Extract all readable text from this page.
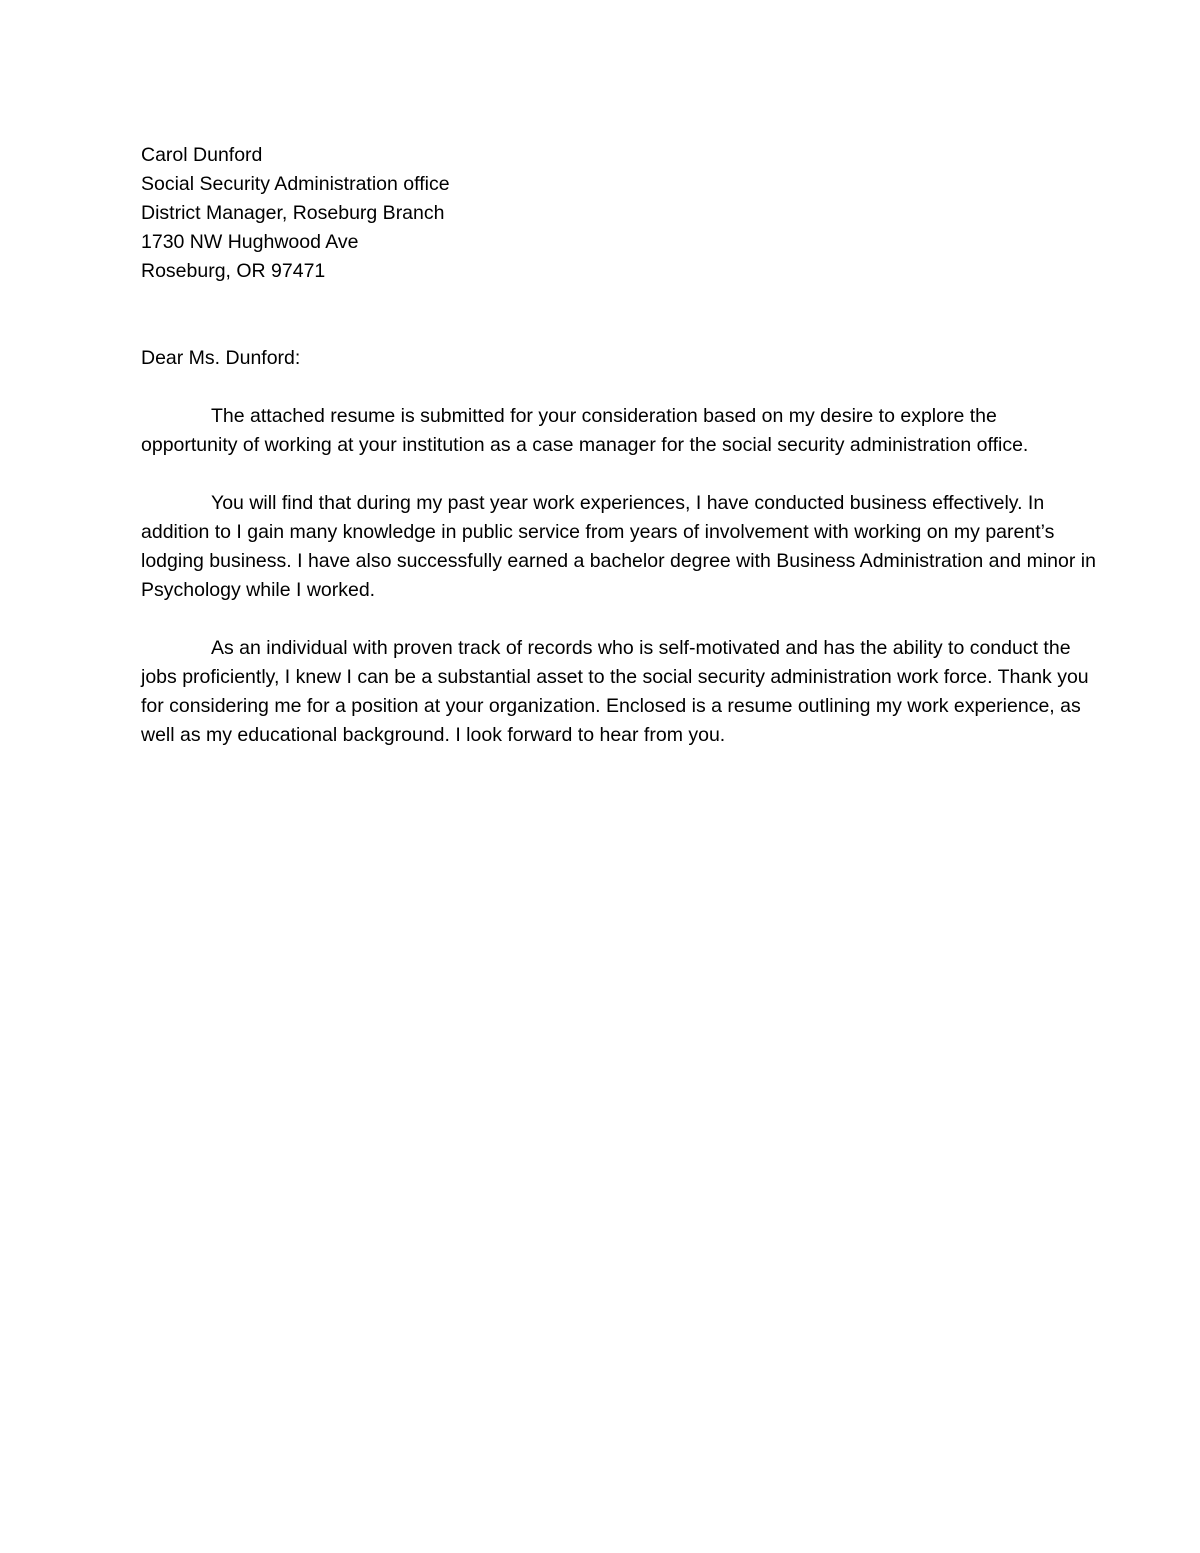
Carol Dunford
Social Security Administration office
District Manager, Roseburg Branch
1730 NW Hughwood Ave
Roseburg, OR 97471
Dear Ms. Dunford:

The attached resume is submitted for your consideration based on my desire to explore the opportunity of working at your institution as a case manager for the social security administration office.

You will find that during my past year work experiences, I have conducted business effectively. In addition to I gain many knowledge in public service from years of involvement with working on my parent’s lodging business. I have also successfully earned a bachelor degree with Business Administration and minor in Psychology while I worked.

As an individual with proven track of records who is self-motivated and has the ability to conduct the jobs proficiently, I knew I can be a substantial asset to the social security administration work force. Thank you for considering me for a position at your organization. Enclosed is a resume outlining my work experience, as well as my educational background. I look forward to hear from you.
